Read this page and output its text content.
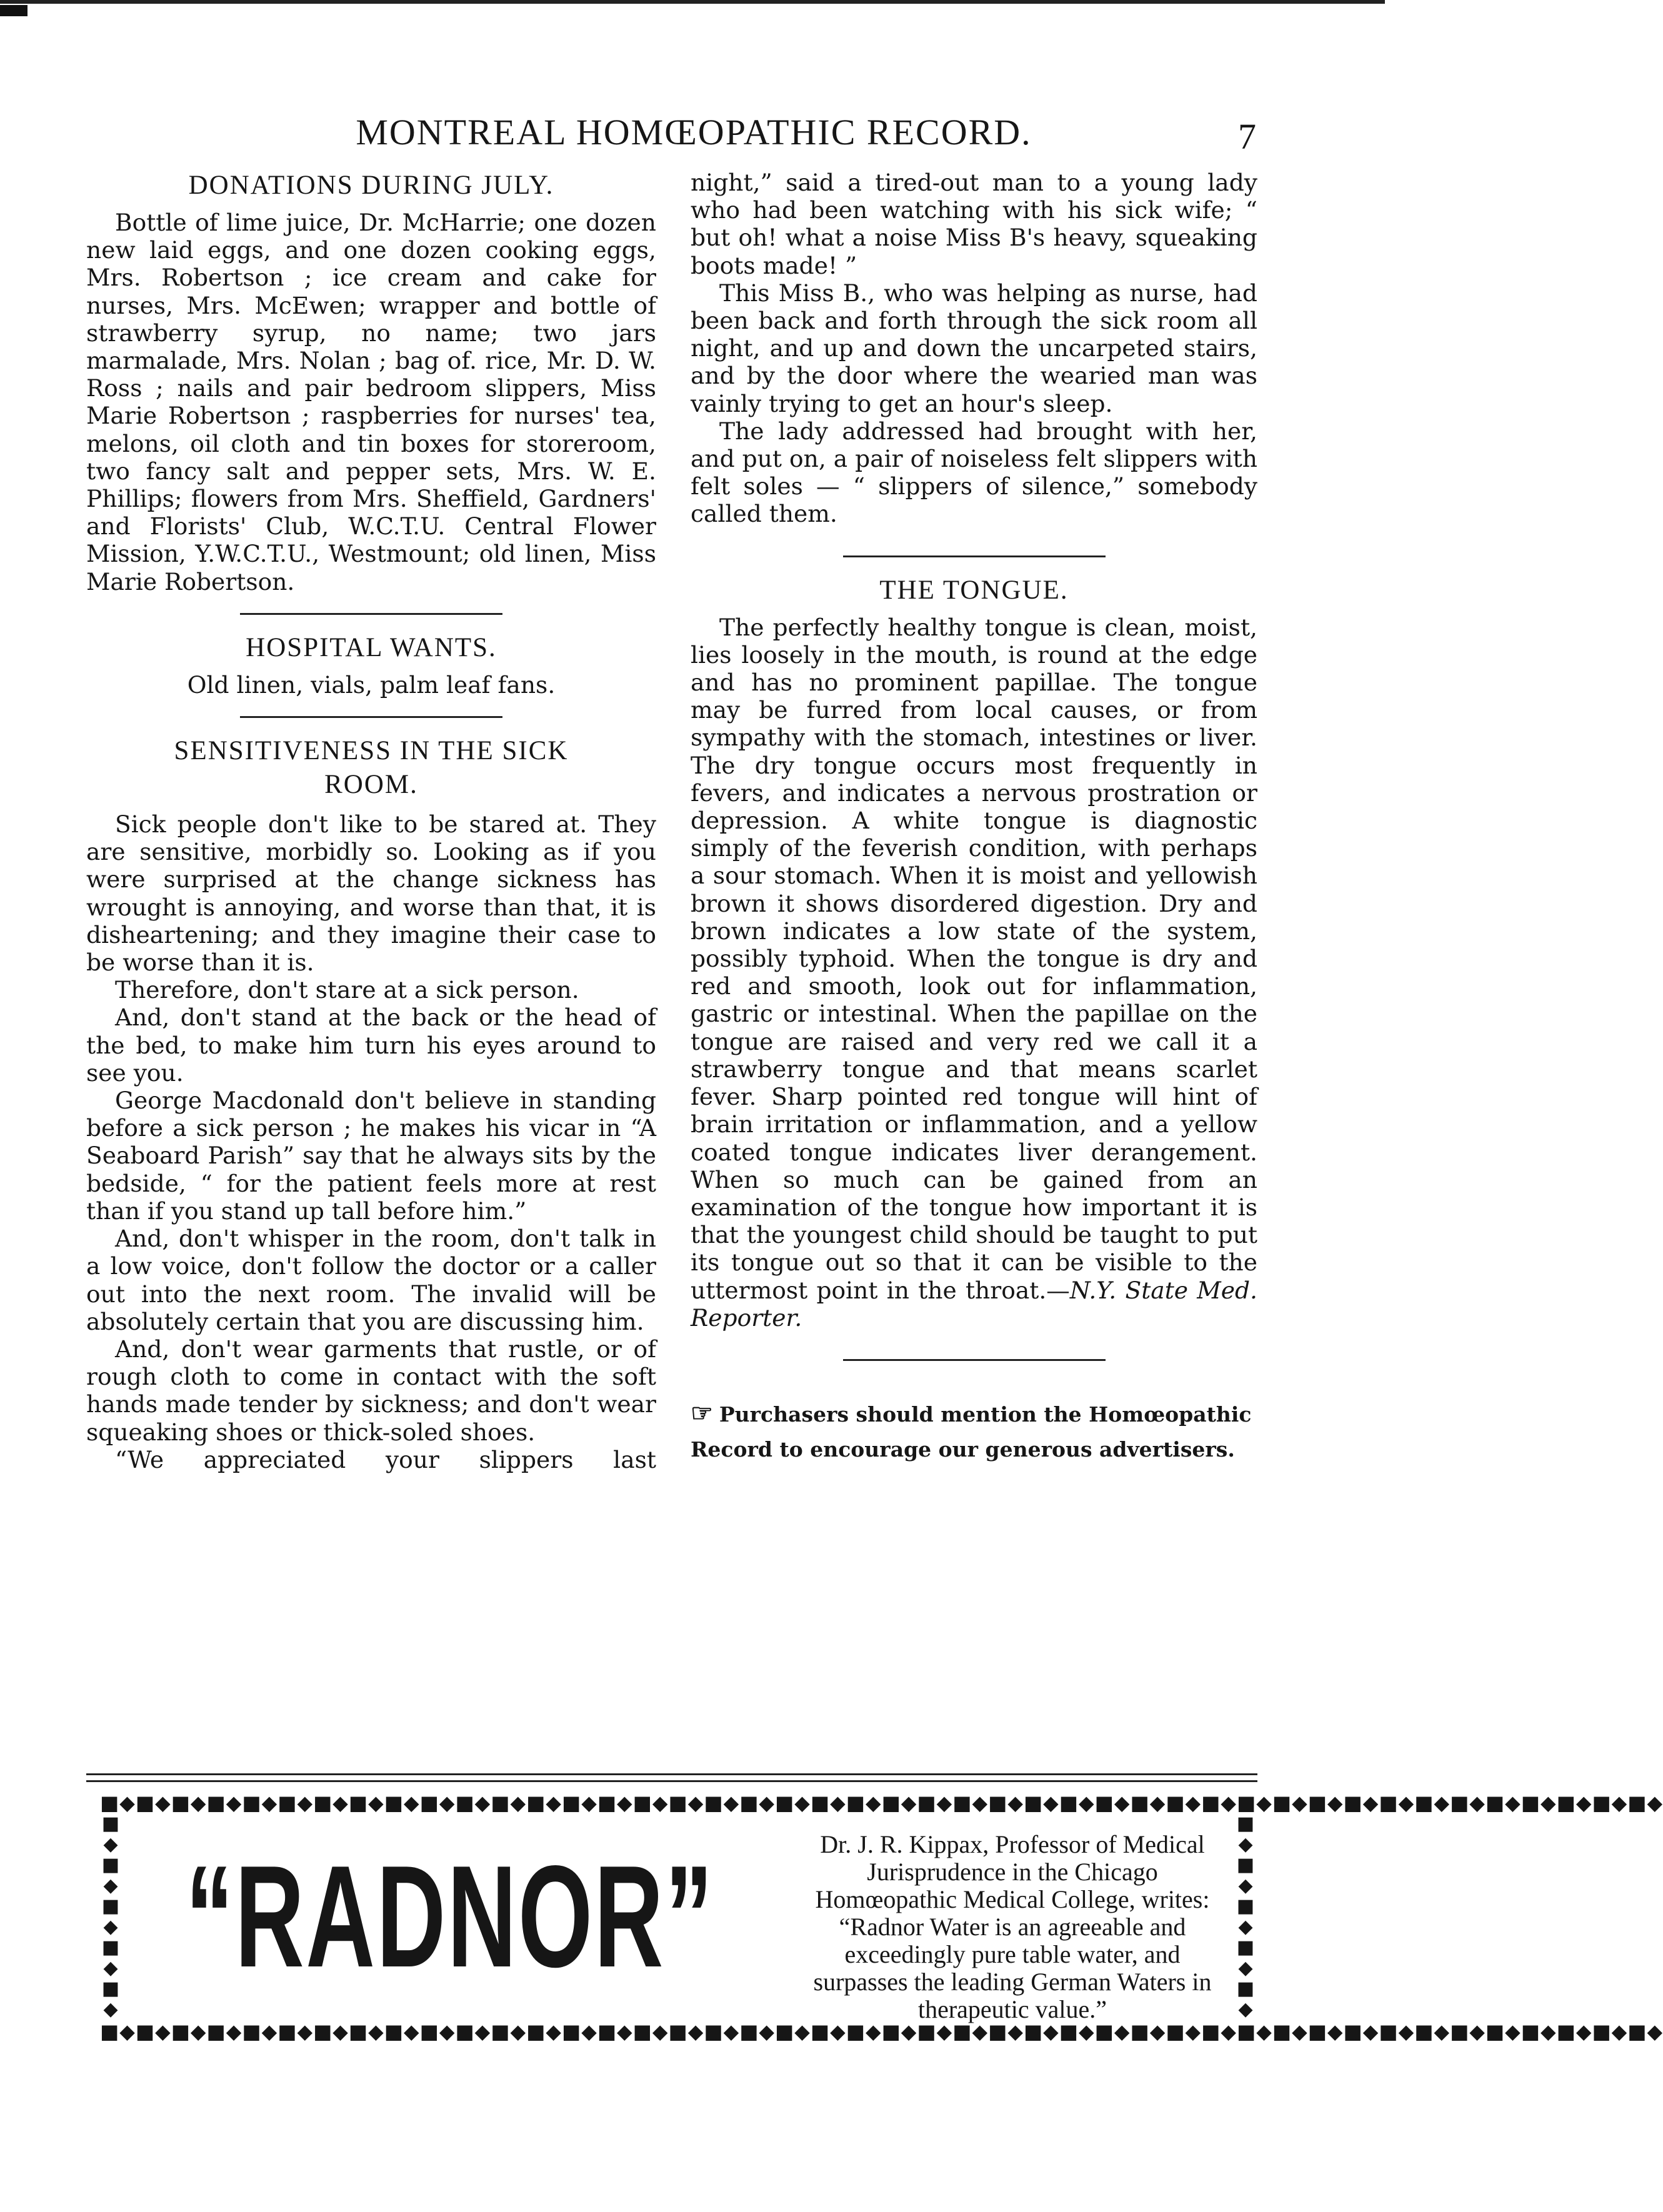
MONTREAL HOMŒOPATHIC RECORD.	7
DONATIONS DURING JULY.

Bottle of lime juice, Dr. McHarrie; one dozen new laid eggs, and one dozen cooking eggs, Mrs. Robertson ; ice cream and cake for nurses, Mrs. McEwen; wrapper and bottle of strawberry syrup, no name; two jars marmalade, Mrs. Nolan ; bag of. rice, Mr. D. W. Ross ; nails and pair bedroom slippers, Miss Marie Robertson ; raspberries for nurses' tea, melons, oil cloth and tin boxes for storeroom, two fancy salt and pepper sets, Mrs. W. E. Phillips; flowers from Mrs. Sheffield, Gardners' and Florists' Club, W.C.T.U. Central Flower Mission, Y.W.C.T.U., Westmount; old linen, Miss Marie Robertson.

HOSPITAL WANTS.

Old linen, vials, palm leaf fans.

SENSITIVENESS IN THE SICK
ROOM.

Sick people don't like to be stared at. They are sensitive, morbidly so. Looking as if you were surprised at the change sickness has wrought is annoying, and worse than that, it is disheartening; and they imagine their case to be worse than it is.

Therefore, don't stare at a sick person.

And, don't stand at the back or the head of the bed, to make him turn his eyes around to see you.

George Macdonald don't believe in standing before a sick person ; he makes his vicar in “A Seaboard Parish” say that he always sits by the bedside, “ for the patient feels more at rest than if you stand up tall before him.”

And, don't whisper in the room, don't talk in a low voice, don't follow the doctor or a caller out into the next room. The invalid will be absolutely certain that you are discussing him.

And, don't wear garments that rustle, or of rough cloth to come in contact with the soft hands made tender by sickness; and don't wear squeaking shoes or thick-soled shoes.

“We appreciated your slippers last

night,” said a tired-out man to a young lady who had been watching with his sick wife; “ but oh! what a noise Miss B's heavy, squeaking boots made! ”

This Miss B., who was helping as nurse, had been back and forth through the sick room all night, and up and down the uncarpeted stairs, and by the door where the wearied man was vainly trying to get an hour's sleep.

The lady addressed had brought with her, and put on, a pair of noiseless felt slippers with felt soles — “ slippers of silence,” somebody called them.

THE TONGUE.

The perfectly healthy tongue is clean, moist, lies loosely in the mouth, is round at the edge and has no prominent papillae. The tongue may be furred from local causes, or from sympathy with the stomach, intestines or liver. The dry tongue occurs most frequently in fevers, and indicates a nervous prostration or depression. A white tongue is diagnostic simply of the feverish condition, with perhaps a sour stomach. When it is moist and yellowish brown it shows disordered digestion. Dry and brown indicates a low state of the system, possibly typhoid. When the tongue is dry and red and smooth, look out for inflammation, gastric or intestinal. When the papillae on the tongue are raised and very red we call it a strawberry tongue and that means scarlet fever. Sharp pointed red tongue will hint of brain irritation or inflammation, and a yellow coated tongue indicates liver derangement. When so much can be gained from an examination of the tongue how important it is that the youngest child should be taught to put its tongue out so that it can be visible to the uttermost point in the throat.—N.Y. State Med. Reporter.

☞ Purchasers should mention the Homœopathic Record to encourage our generous advertisers.
■◆■◆■◆■◆■◆■◆■◆■◆■◆■◆■◆■◆■◆■◆■◆■◆■◆■◆■◆■◆■◆■◆■◆■◆■◆■◆■◆■◆■◆■◆■◆■◆■◆■◆■◆■◆■◆■◆■◆■◆■◆■◆■◆■◆
■ ◆ ■ ◆ ■ ◆ ■ ◆ ■ ◆
■ ◆ ■ ◆ ■ ◆ ■ ◆ ■ ◆
“RADNOR”	Dr. J. R. Kippax, Professor of Medical Jurisprudence in the Chicago Homœopathic Medical College, writes: “Radnor Water is an agreeable and exceedingly pure table water, and surpasses the leading German Waters in therapeutic value.”
■◆■◆■◆■◆■◆■◆■◆■◆■◆■◆■◆■◆■◆■◆■◆■◆■◆■◆■◆■◆■◆■◆■◆■◆■◆■◆■◆■◆■◆■◆■◆■◆■◆■◆■◆■◆■◆■◆■◆■◆■◆■◆■◆■◆
